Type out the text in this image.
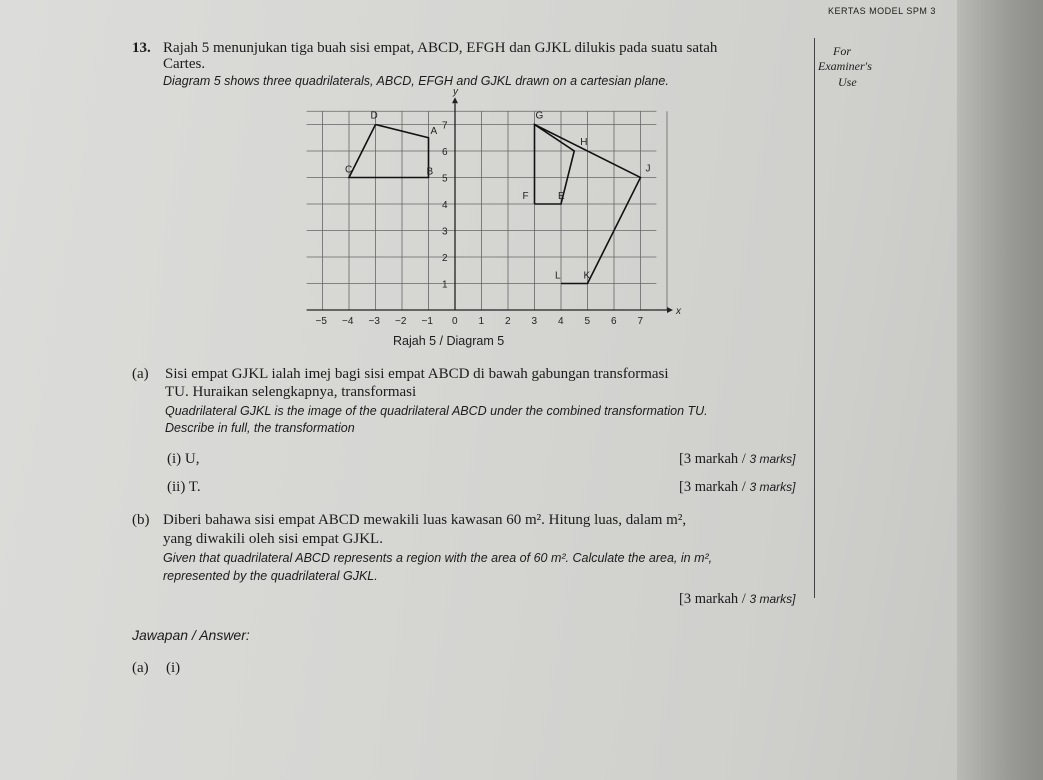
KERTAS MODEL SPM 3
For
Examiner's
Use
13. Rajah 5 menunjukan tiga buah sisi empat, ABCD, EFGH dan GJKL dilukis pada suatu satah
Cartes.
Diagram 5 shows three quadrilaterals, ABCD, EFGH and GJKL drawn on a cartesian plane.
x
y
−5 −4 −3 −2 −1 0 1 2 3 4 5 6 7
1
2
3
4
5
6
7
A
B
C
D
E
F
G
H
J
K
L
Rajah 5 / Diagram 5
(a) Sisi empat GJKL ialah imej bagi sisi empat ABCD di bawah gabungan transformasi
TU. Huraikan selengkapnya, transformasi
Quadrilateral GJKL is the image of the quadrilateral ABCD under the combined transformation TU.
Describe in full, the transformation
(i) U,	[3 markah / 3 marks]
(ii) T.	[3 markah / 3 marks]
(b) Diberi bahawa sisi empat ABCD mewakili luas kawasan 60 m². Hitung luas, dalam m²,
yang diwakili oleh sisi empat GJKL.
Given that quadrilateral ABCD represents a region with the area of 60 m². Calculate the area, in m²,
represented by the quadrilateral GJKL.
[3 markah / 3 marks]
Jawapan / Answer:
(a) (i)
